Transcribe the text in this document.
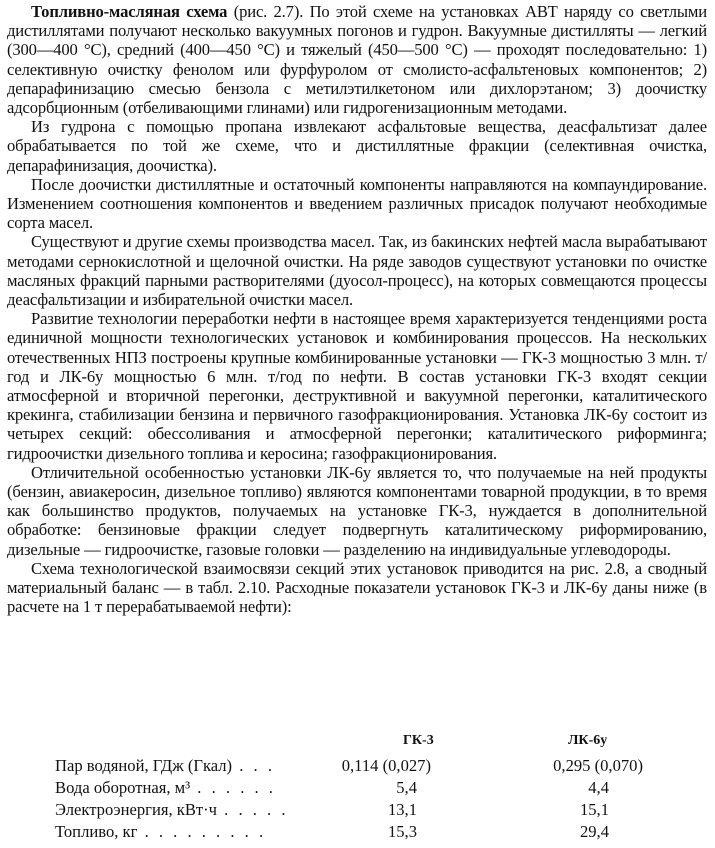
Топливно-масляная схема (рис. 2.7). По этой схеме на установках АВТ наряду со светлыми дистиллятами получают несколько вакуумных погонов и гудрон. Вакуумные дистилляты — легкий (300—400 °С), средний (400—450 °С) и тяжелый (450—500 °С) — проходят последовательно: 1) селективную очистку фенолом или фурфуролом от смолисто-асфальтеновых компонентов; 2) депарафинизацию смесью бензола с метилэтилкетоном или дихлорэтаном; 3) доочистку адсорбционным (отбеливающими глинами) или гидрогенизационным методами.

Из гудрона с помощью пропана извлекают асфальтовые вещества, деасфальтизат далее обрабатывается по той же схеме, что и дистиллятные фракции (селективная очистка, депарафинизация, доочистка).

После доочистки дистиллятные и остаточный компоненты направляются на компаундирование. Изменением соотношения компонентов и введением различных присадок получают необходимые сорта масел.

Существуют и другие схемы производства масел. Так, из бакинских нефтей масла вырабатывают методами сернокислотной и щелочной очистки. На ряде заводов существуют установки по очистке масляных фракций парными растворителями (дуосол-процесс), на которых совмещаются процессы деасфальтизации и избирательной очистки масел.

Развитие технологии переработки нефти в настоящее время характеризуется тенденциями роста единичной мощности технологических установок и комбинирования процессов. На нескольких отечественных НПЗ построены крупные комбинированные установки — ГК-3 мощностью 3 млн. т/год и ЛК-6у мощностью 6 млн. т/год по нефти. В состав установки ГК-3 входят секции атмосферной и вторичной перегонки, деструктивной и вакуумной перегонки, каталитического крекинга, стабилизации бензина и первичного газофракционирования. Установка ЛК-6у состоит из четырех секций: обессоливания и атмосферной перегонки; каталитического риформинга; гидроочистки дизельного топлива и керосина; газофракционирования.

Отличительной особенностью установки ЛК-6у является то, что получаемые на ней продукты (бензин, авиакеросин, дизельное топливо) являются компонентами товарной продукции, в то время как большинство продуктов, получаемых на установке ГК-3, нуждается в дополнительной обработке: бензиновые фракции следует подвергнуть каталитическому риформированию, дизельные — гидроочистке, газовые головки — разделению на индивидуальные углеводороды.

Схема технологической взаимосвязи секций этих установок приводится на рис. 2.8, а сводный материальный баланс — в табл. 2.10. Расходные показатели установок ГК-3 и ЛК-6у даны ниже (в расчете на 1 т перерабатываемой нефти):

ГК-3	ЛК-6у
Пар водяной, ГДж (Гкал) . . .	0,114 (0,027)	0,295 (0,070)
Вода оборотная, м³ . . . . . .	5,4	4,4
Электроэнергия, кВт·ч . . . . .	13,1	15,1
Топливо, кг . . . . . . . . .	15,3	29,4
